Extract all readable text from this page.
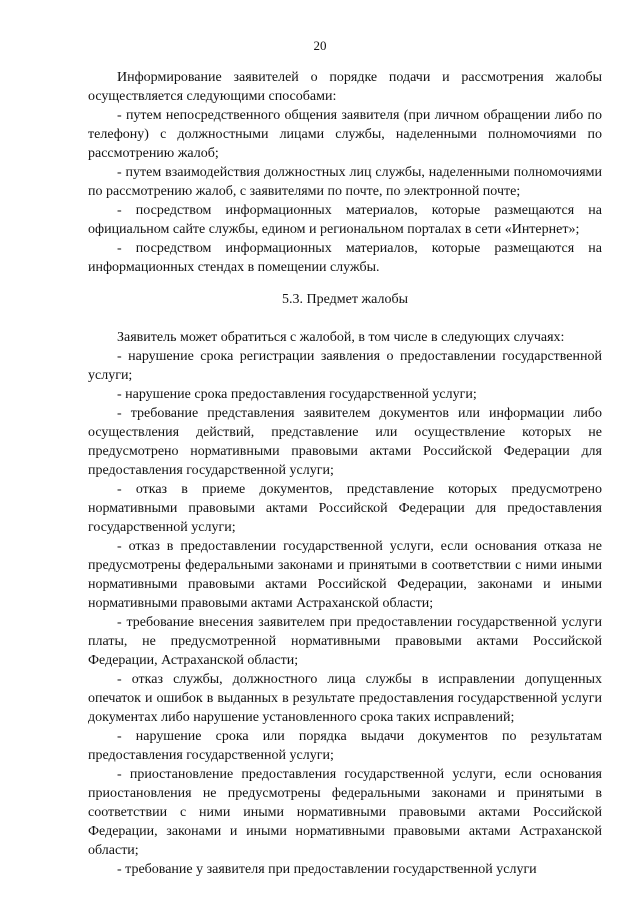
20

Информирование заявителей о порядке подачи и рассмотрения жалобы осуществляется следующими способами:

- путем непосредственного общения заявителя (при личном обращении либо по телефону) с должностными лицами службы, наделенными полномочиями по рассмотрению жалоб;

- путем взаимодействия должностных лиц службы, наделенными полномочиями по рассмотрению жалоб, с заявителями по почте, по электронной почте;

- посредством информационных материалов, которые размещаются на официальном сайте службы, едином и региональном порталах в сети «Интернет»;

- посредством информационных материалов, которые размещаются на информационных стендах в помещении службы.

5.3. Предмет жалобы

Заявитель может обратиться с жалобой, в том числе в следующих случаях:

- нарушение срока регистрации заявления о предоставлении государственной услуги;

- нарушение срока предоставления государственной услуги;

- требование представления заявителем документов или информации либо осуществления действий, представление или осуществление которых не предусмотрено нормативными правовыми актами Российской Федерации для предоставления государственной услуги;

- отказ в приеме документов, представление которых предусмотрено нормативными правовыми актами Российской Федерации для предоставления государственной услуги;

- отказ в предоставлении государственной услуги, если основания отказа не предусмотрены федеральными законами и принятыми в соответствии с ними иными нормативными правовыми актами Российской Федерации, законами и иными нормативными правовыми актами Астраханской области;

- требование внесения заявителем при предоставлении государственной услуги платы, не предусмотренной нормативными правовыми актами Российской Федерации, Астраханской области;

- отказ службы, должностного лица службы в исправлении допущенных опечаток и ошибок в выданных в результате предоставления государственной услуги документах либо нарушение установленного срока таких исправлений;

- нарушение срока или порядка выдачи документов по результатам предоставления государственной услуги;

- приостановление предоставления государственной услуги, если основания приостановления не предусмотрены федеральными законами и принятыми в соответствии с ними иными нормативными правовыми актами Российской Федерации, законами и иными нормативными правовыми актами Астраханской области;

- требование у заявителя при предоставлении государственной услуги
